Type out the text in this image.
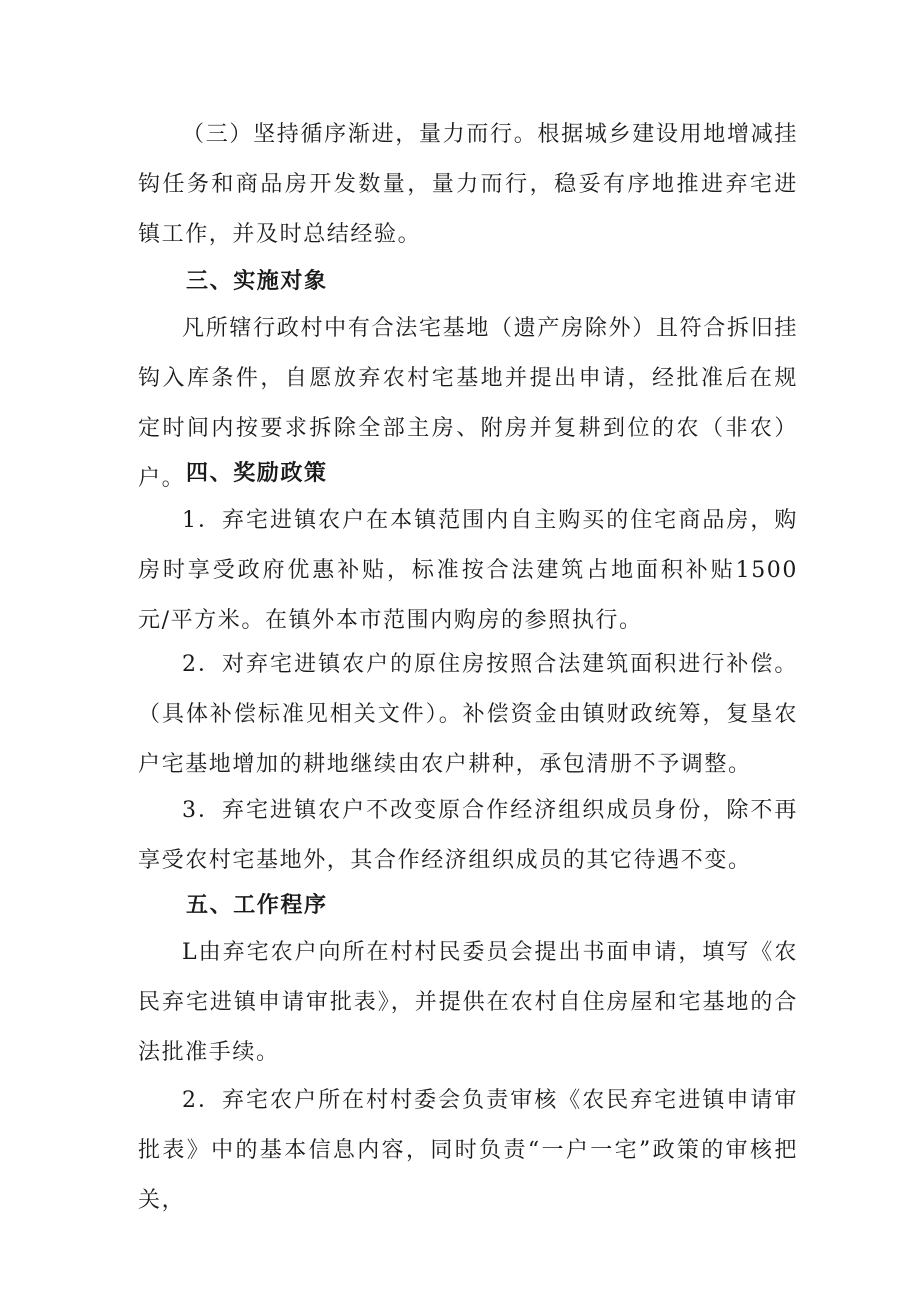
（三）坚持循序渐进，量力而行。根据城乡建设用地增减挂钩任务和商品房开发数量，量力而行，稳妥有序地推进弃宅进镇工作，并及时总结经验。

三、实施对象

凡所辖行政村中有合法宅基地（遗产房除外）且符合拆旧挂钩入库条件，自愿放弃农村宅基地并提出申请，经批准后在规定时间内按要求拆除全部主房、附房并复耕到位的农（非农）户。 四、奖励政策

1．弃宅进镇农户在本镇范围内自主购买的住宅商品房，购房时享受政府优惠补贴，标准按合法建筑占地面积补贴1500元/平方米。在镇外本市范围内购房的参照执行。

2．对弃宅进镇农户的原住房按照合法建筑面积进行补偿。（具体补偿标准见相关文件）。补偿资金由镇财政统筹，复垦农户宅基地增加的耕地继续由农户耕种，承包清册不予调整。

3．弃宅进镇农户不改变原合作经济组织成员身份，除不再享受农村宅基地外，其合作经济组织成员的其它待遇不变。

五、工作程序

L由弃宅农户向所在村村民委员会提出书面申请，填写《农民弃宅进镇申请审批表》，并提供在农村自住房屋和宅基地的合法批准手续。

2．弃宅农户所在村村委会负责审核《农民弃宅进镇申请审批表》中的基本信息内容，同时负责“一户一宅”政策的审核把关，
